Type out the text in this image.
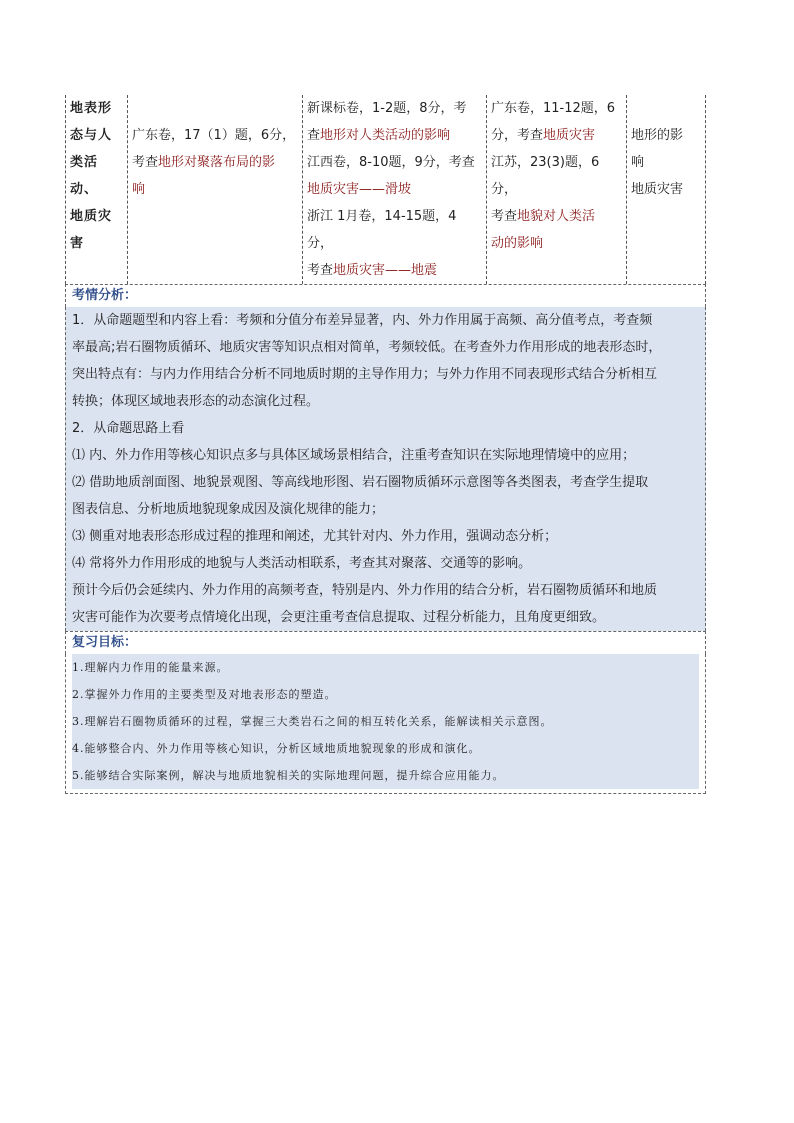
地表形
态与人
类活动、
地质灾
害

广东卷，17（1）题，6分，
考查地形对聚落布局的影
响

新课标卷，1-2题，8分，考
查地形对人类活动的影响
江西卷，8-10题，9分，考查
地质灾害——滑坡
浙江 1月卷，14-15题，4分，
考查地质灾害——地震

广东卷，11-12题，6
分，考查地质灾害
江苏，23(3)题，6分，
考查地貌对人类活
动的影响

地形的影
响
地质灾害
考情分析：

1．从命题题型和内容上看：考频和分值分布差异显著，内、外力作用属于高频、高分值考点，考查频

率最高;岩石圈物质循环、地质灾害等知识点相对简单，考频较低。在考查外力作用形成的地表形态时，

突出特点有：与内力作用结合分析不同地质时期的主导作用力；与外力作用不同表现形式结合分析相互

转换；体现区域地表形态的动态演化过程。

2．从命题思路上看

⑴ 内、外力作用等核心知识点多与具体区域场景相结合，注重考查知识在实际地理情境中的应用；

⑵ 借助地质剖面图、地貌景观图、等高线地形图、岩石圈物质循环示意图等各类图表，考查学生提取

图表信息、分析地质地貌现象成因及演化规律的能力；

⑶ 侧重对地表形态形成过程的推理和阐述，尤其针对内、外力作用，强调动态分析；

⑷ 常将外力作用形成的地貌与人类活动相联系，考查其对聚落、交通等的影响。

预计今后仍会延续内、外力作用的高频考查，特别是内、外力作用的结合分析，岩石圈物质循环和地质

灾害可能作为次要考点情境化出现，会更注重考查信息提取、过程分析能力，且角度更细致。

复习目标：

1.理解内力作用的能量来源。

2.掌握外力作用的主要类型及对地表形态的塑造。

3.理解岩石圈物质循环的过程，掌握三大类岩石之间的相互转化关系，能解读相关示意图。

4.能够整合内、外力作用等核心知识，分析区域地质地貌现象的形成和演化。

5.能够结合实际案例，解决与地质地貌相关的实际地理问题，提升综合应用能力。
